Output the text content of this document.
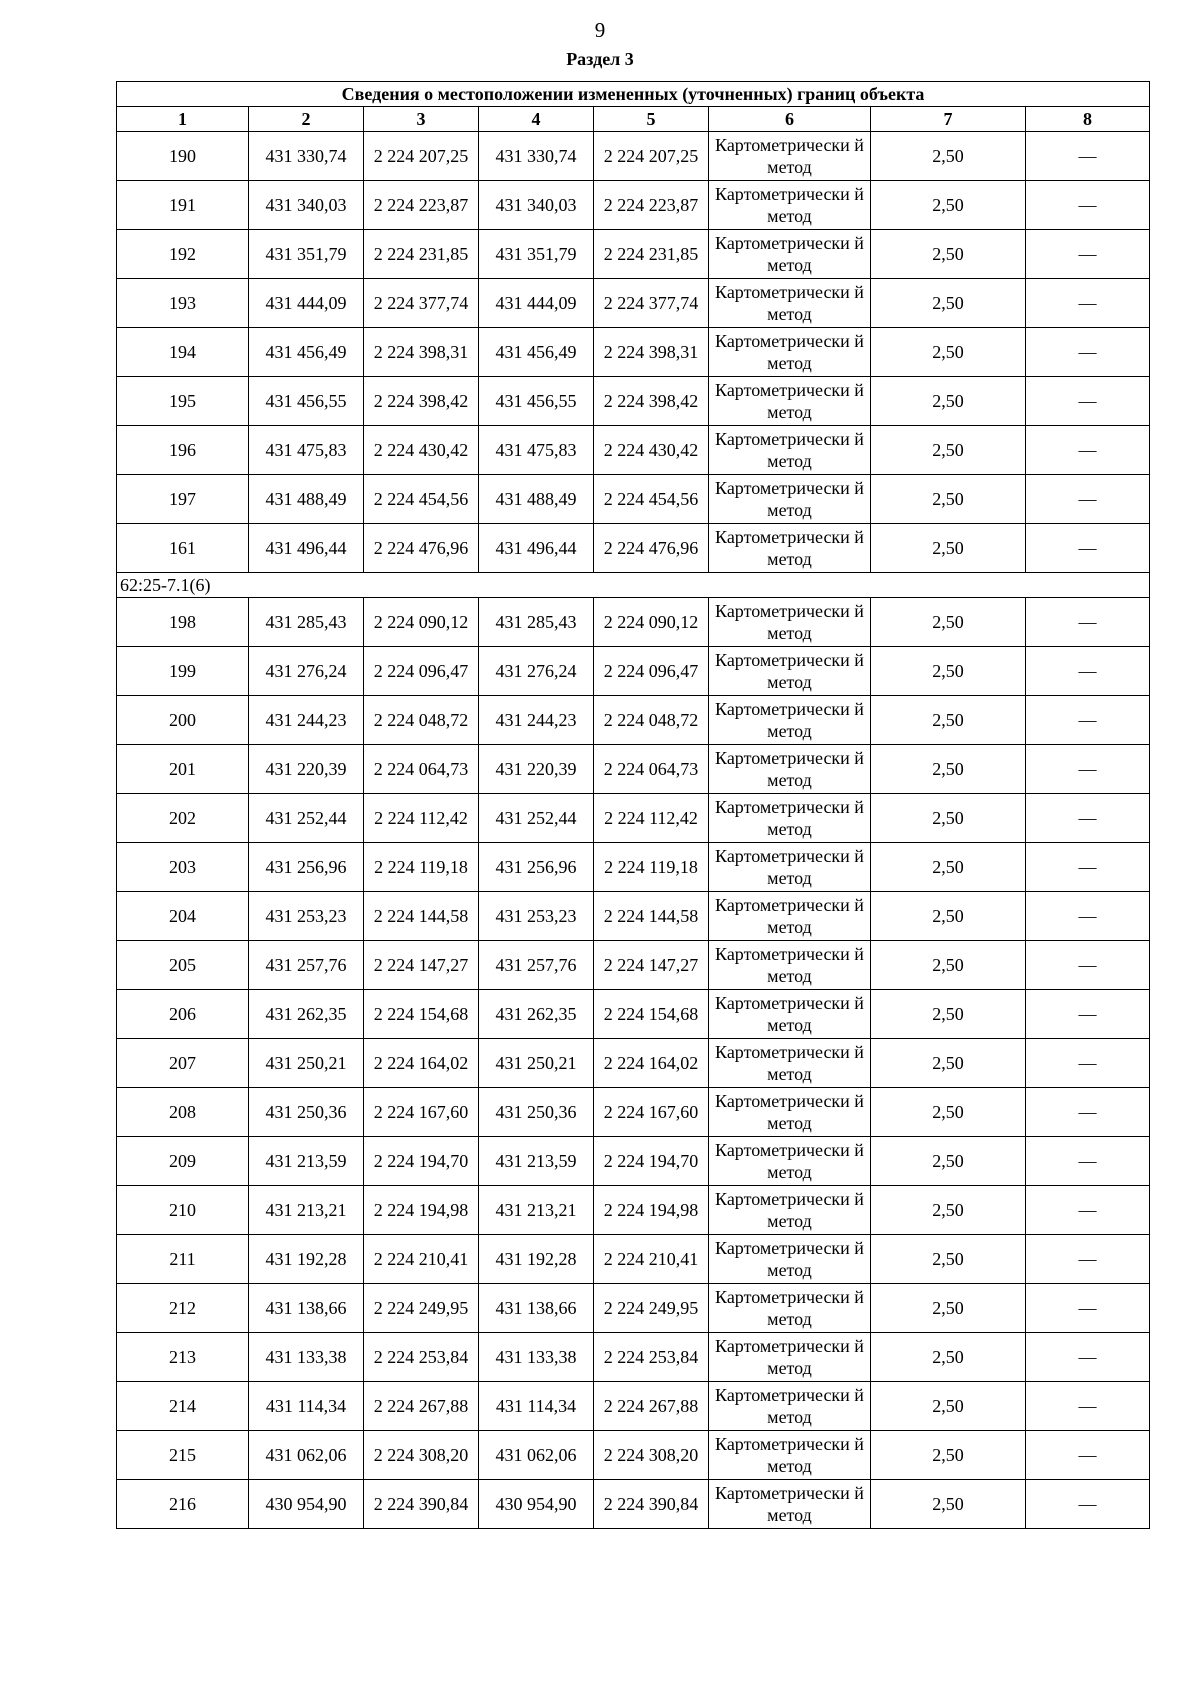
9
Раздел 3
Сведения о местоположении измененных (уточненных) границ объекта							
1	2	3	4	5	6	7	8
190	431 330,74	2 224 207,25	431 330,74	2 224 207,25	Картометрически й метод	2,50	—
191	431 340,03	2 224 223,87	431 340,03	2 224 223,87	Картометрически й метод	2,50	—
192	431 351,79	2 224 231,85	431 351,79	2 224 231,85	Картометрически й метод	2,50	—
193	431 444,09	2 224 377,74	431 444,09	2 224 377,74	Картометрически й метод	2,50	—
194	431 456,49	2 224 398,31	431 456,49	2 224 398,31	Картометрически й метод	2,50	—
195	431 456,55	2 224 398,42	431 456,55	2 224 398,42	Картометрически й метод	2,50	—
196	431 475,83	2 224 430,42	431 475,83	2 224 430,42	Картометрически й метод	2,50	—
197	431 488,49	2 224 454,56	431 488,49	2 224 454,56	Картометрически й метод	2,50	—
161	431 496,44	2 224 476,96	431 496,44	2 224 476,96	Картометрически й метод	2,50	—
62:25-7.1(6)							
198	431 285,43	2 224 090,12	431 285,43	2 224 090,12	Картометрически й метод	2,50	—
199	431 276,24	2 224 096,47	431 276,24	2 224 096,47	Картометрически й метод	2,50	—
200	431 244,23	2 224 048,72	431 244,23	2 224 048,72	Картометрически й метод	2,50	—
201	431 220,39	2 224 064,73	431 220,39	2 224 064,73	Картометрически й метод	2,50	—
202	431 252,44	2 224 112,42	431 252,44	2 224 112,42	Картометрически й метод	2,50	—
203	431 256,96	2 224 119,18	431 256,96	2 224 119,18	Картометрически й метод	2,50	—
204	431 253,23	2 224 144,58	431 253,23	2 224 144,58	Картометрически й метод	2,50	—
205	431 257,76	2 224 147,27	431 257,76	2 224 147,27	Картометрически й метод	2,50	—
206	431 262,35	2 224 154,68	431 262,35	2 224 154,68	Картометрически й метод	2,50	—
207	431 250,21	2 224 164,02	431 250,21	2 224 164,02	Картометрически й метод	2,50	—
208	431 250,36	2 224 167,60	431 250,36	2 224 167,60	Картометрически й метод	2,50	—
209	431 213,59	2 224 194,70	431 213,59	2 224 194,70	Картометрически й метод	2,50	—
210	431 213,21	2 224 194,98	431 213,21	2 224 194,98	Картометрически й метод	2,50	—
211	431 192,28	2 224 210,41	431 192,28	2 224 210,41	Картометрически й метод	2,50	—
212	431 138,66	2 224 249,95	431 138,66	2 224 249,95	Картометрически й метод	2,50	—
213	431 133,38	2 224 253,84	431 133,38	2 224 253,84	Картометрически й метод	2,50	—
214	431 114,34	2 224 267,88	431 114,34	2 224 267,88	Картометрически й метод	2,50	—
215	431 062,06	2 224 308,20	431 062,06	2 224 308,20	Картометрически й метод	2,50	—
216	430 954,90	2 224 390,84	430 954,90	2 224 390,84	Картометрически й метод	2,50	—
